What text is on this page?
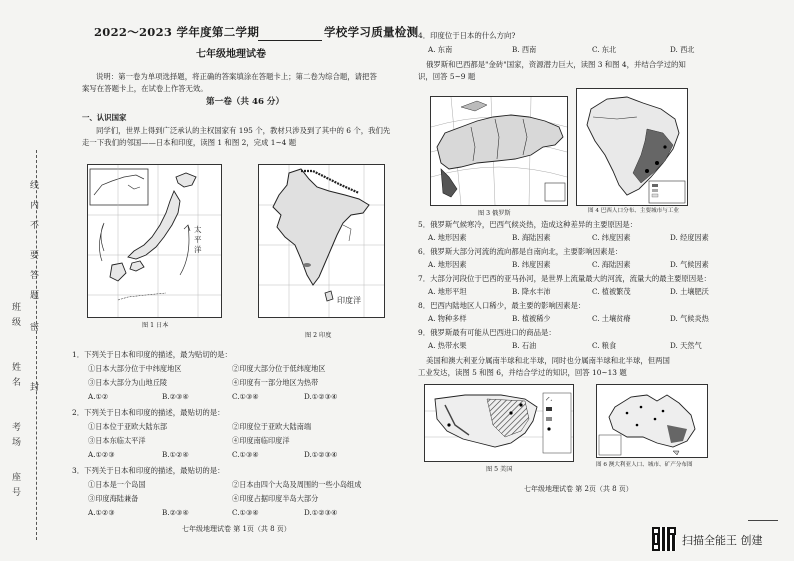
线
内
不
要
答
题
密
封
班
级
姓
名
考
场
座
号
2022～2023 学年度第二学期	学校学习质量检测
七年级地理试卷
说明：第一卷为单项选择题，将正确的答案填涂在答题卡上；第二卷为综合题，请把答
案写在答题卡上，在试卷上作答无效。
第一卷（共 46 分）
一、认识国家
同学们，世界上得到广泛承认的主权国家有 195 个，教材只涉及到了其中的 6 个，我们先
走一下我们的邻国——日本和印度，读图 1 和图 2，完成 1~4 题
太平洋
图 1 日本
印度洋
图 2 印度
1．下列关于日本和印度的描述，最为贴切的是：
①日本大部分位于中纬度地区	②印度大部分位于低纬度地区
③日本大部分为山地丘陵	④印度有一部分地区为热带
A.①②	B.②③④	C.①③④	D.①②③④
2．下列关于日本和印度的描述，最贴切的是：
①日本位于亚欧大陆东部	②印度位于亚欧大陆南端
③日本东临太平洋	④印度南临印度洋
A.①②③	B.①②④	C.①③④	D.①②③④
3．下列关于日本和印度的描述，最贴切的是：
①日本是一个岛国	②日本由四个大岛及周围的一些小岛组成
③印度海陆兼备	④印度占据印度半岛大部分
A.①②③	B.②③④	C.①③④	D.①②③④
七年级地理试卷 第 1页（共 8 页）
4．印度位于日本的什么方向?
A. 东南	B. 西南	C. 东北	D. 西北
俄罗斯和巴西都是"金砖"国家，资源潜力巨大，读图 3 和图 4，并结合学过的知
识，回答 5~9 题
图 3 俄罗斯	图 4 巴西人口分布、主要城市与工业
5．俄罗斯气候寒冷，巴西气候炎热，造成这种差异的主要原因是：
A. 地形因素	B. 海陆因素	C. 纬度因素	D. 经度因素
6．俄罗斯大部分河流的流向都是自南向北，主要影响因素是：
A. 地形因素	B. 纬度因素	C. 海陆因素	D. 气候因素
7．大部分河段位于巴西的亚马孙河，是世界上流量最大的河流，流量大的最主要原因是：
A. 地形平坦	B. 降水丰沛	C. 植被繁茂	D. 土壤肥沃
8．巴西内陆地区人口稀少，最主要的影响因素是：
A. 物种多样	B. 植被稀少	C. 土壤贫瘠	D. 气候炎热
9．俄罗斯最有可能从巴西进口的商品是：
A. 热带水果	B. 石油	C. 粮食	D. 天然气
美国和澳大利亚分属南半球和北半球，同时也分属南半球和北半球，但两国
工业发达，读图 5 和图 6，并结合学过的知识，回答 10~13 题
图 5 美国
图 6 澳大利亚人口、城市、矿产分布图
七年级地理试卷 第 2页（共 8 页）
扫描全能王 创建
